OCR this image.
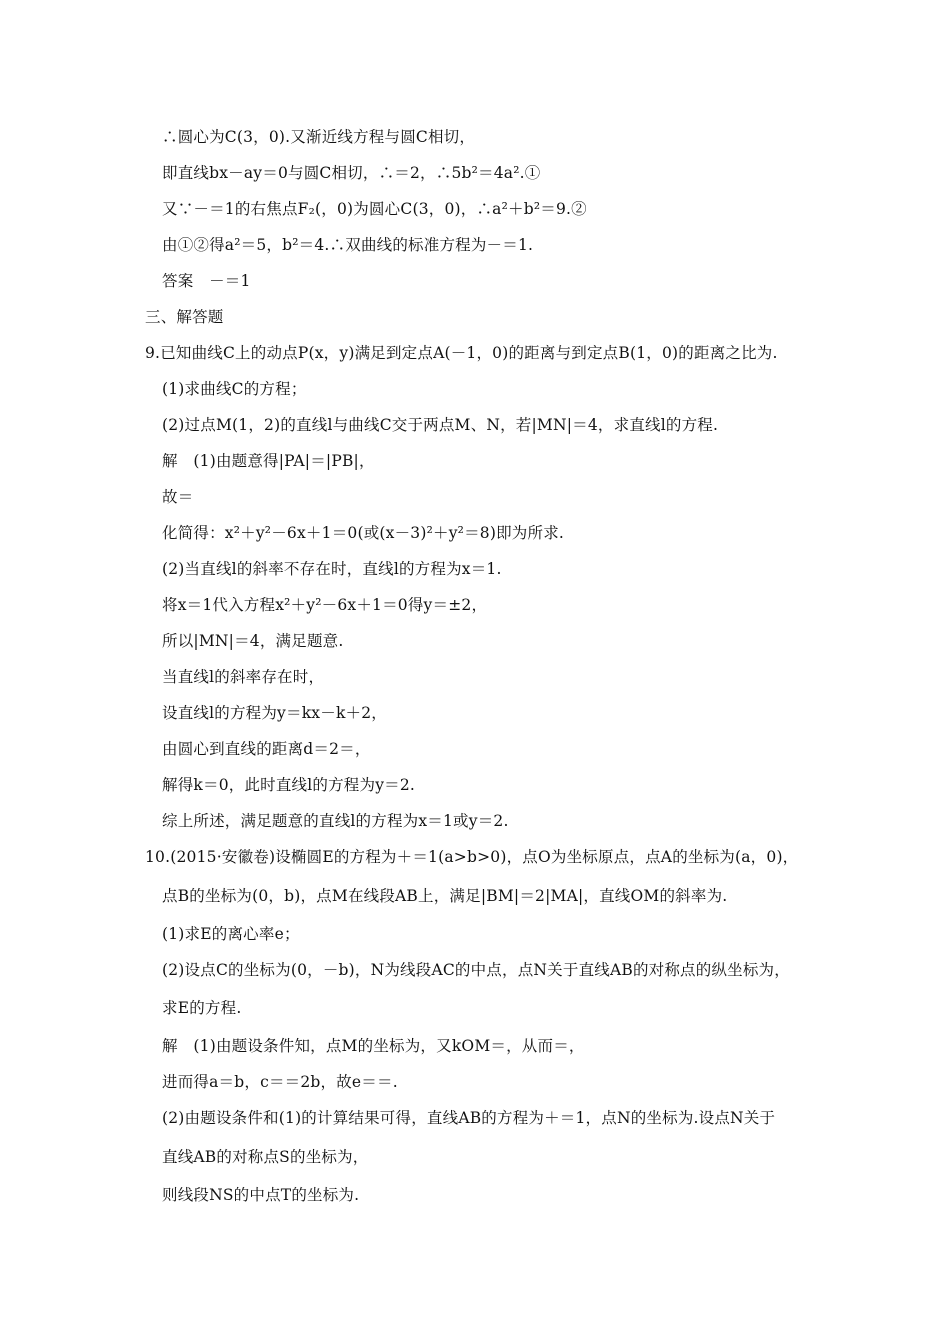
∴圆心为C(3，0).又渐近线方程与圆C相切，
即直线bx－ay＝0与圆C相切，∴＝2，∴5b²＝4a².①
又∵－＝1的右焦点F₂(，0)为圆心C(3，0)，∴a²＋b²＝9.②
由①②得a²＝5，b²＝4.∴双曲线的标准方程为－＝1.
答案　－＝1
三、解答题
9.已知曲线C上的动点P(x，y)满足到定点A(－1，0)的距离与到定点B(1，0)的距离之比为.
(1)求曲线C的方程；
(2)过点M(1，2)的直线l与曲线C交于两点M、N，若|MN|＝4，求直线l的方程.
解　(1)由题意得|PA|＝|PB|，
故＝
化简得：x²＋y²－6x＋1＝0(或(x－3)²＋y²＝8)即为所求.
(2)当直线l的斜率不存在时，直线l的方程为x＝1.
将x＝1代入方程x²＋y²－6x＋1＝0得y＝±2，
所以|MN|＝4，满足题意.
当直线l的斜率存在时，
设直线l的方程为y＝kx－k＋2，
由圆心到直线的距离d＝2＝，
解得k＝0，此时直线l的方程为y＝2.
综上所述，满足题意的直线l的方程为x＝1或y＝2.
10.(2015·安徽卷)设椭圆E的方程为＋＝1(a>b>0)，点O为坐标原点，点A的坐标为(a，0)，
点B的坐标为(0，b)，点M在线段AB上，满足|BM|＝2|MA|，直线OM的斜率为.
(1)求E的离心率e；
(2)设点C的坐标为(0，－b)，N为线段AC的中点，点N关于直线AB的对称点的纵坐标为，
求E的方程.
解　(1)由题设条件知，点M的坐标为，又kOM＝，从而＝，
进而得a＝b，c＝＝2b，故e＝＝.
(2)由题设条件和(1)的计算结果可得，直线AB的方程为＋＝1，点N的坐标为.设点N关于
直线AB的对称点S的坐标为，
则线段NS的中点T的坐标为.
